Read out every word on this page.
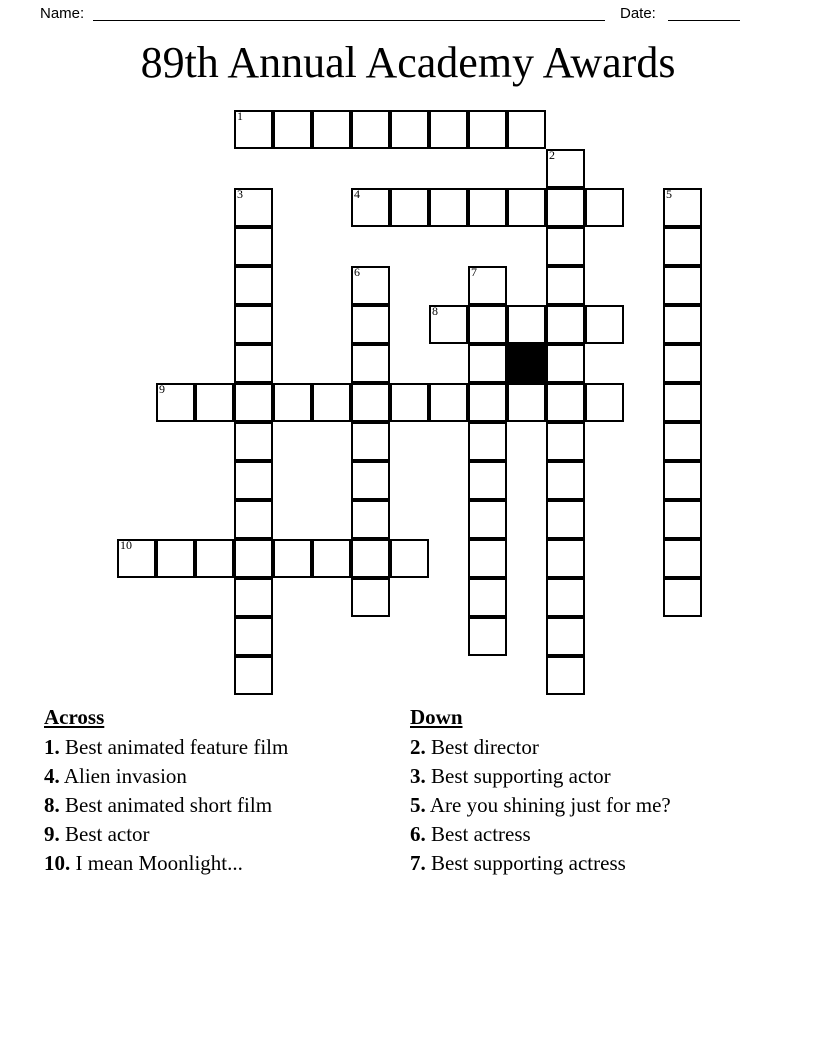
Name:	Date:
89th Annual Academy Awards
1
2
10
5
3	4
6	7
8
9
Across
1. Best animated feature film
4. Alien invasion
8. Best animated short film
9. Best actor
10. I mean Moonlight...
Down
2. Best director
3. Best supporting actor
5. Are you shining just for me?
6. Best actress
7. Best supporting actress
